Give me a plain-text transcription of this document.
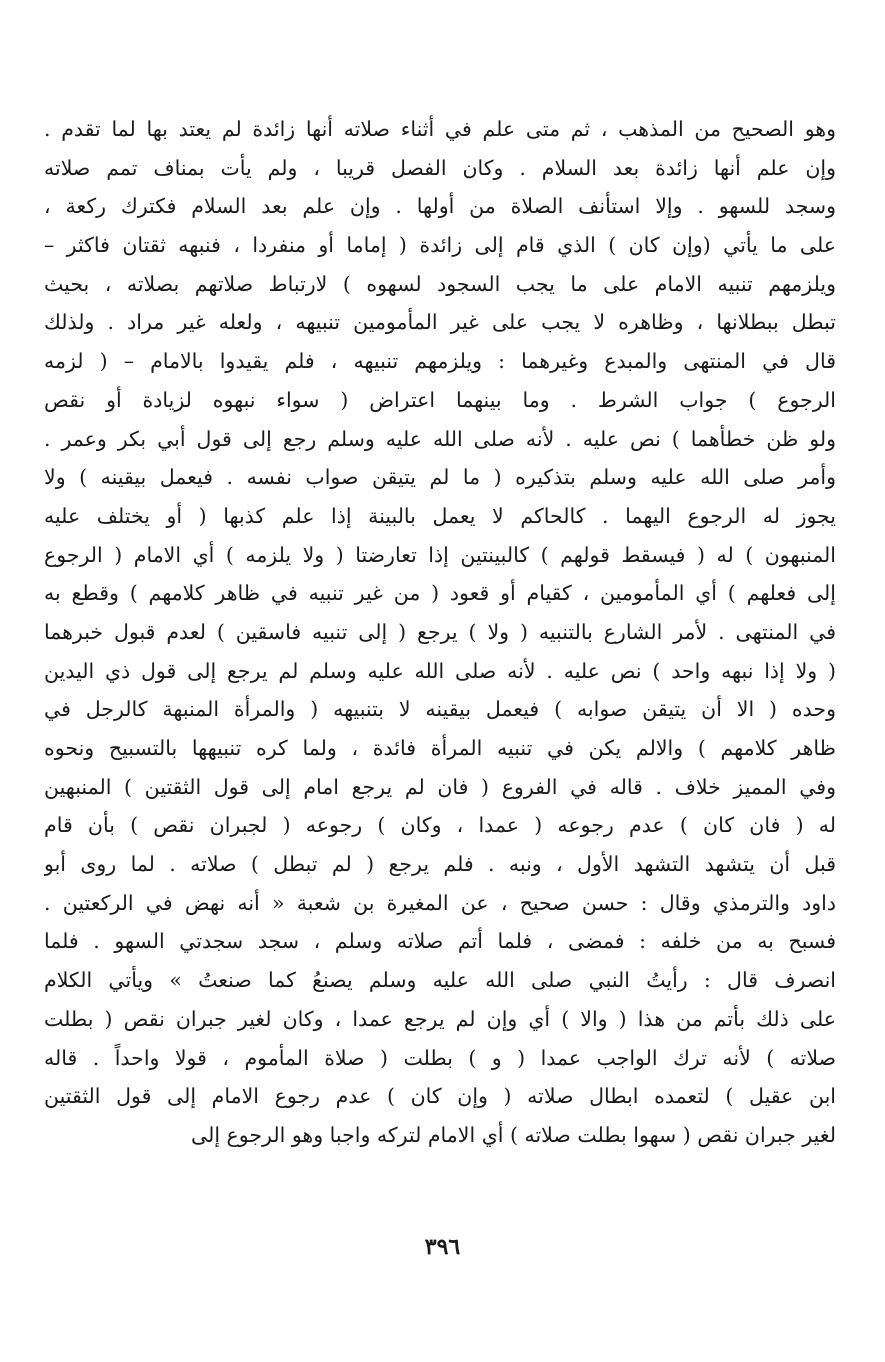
وهو الصحيح من المذهب ، ثم متى علم في أثناء صلاته أنها زائدة لم يعتد بها لما تقدم .
وإن علم أنها زائدة بعد السلام . وكان الفصل قريبا ، ولم يأت بمناف تمم صلاته
وسجد للسهو . وإلا استأنف الصلاة من أولها . وإن علم بعد السلام فكترك ركعة ،
على ما يأتي (وإن كان ) الذي قام إلى زائدة ( إماما أو منفردا ، فنبهه ثقتان فاكثر –
ويلزمهم تنبيه الامام على ما يجب السجود لسهوه ) لارتباط صلاتهم بصلاته ، بحيث
تبطل ببطلانها ، وظاهره لا يجب على غير المأمومين تنبيهه ، ولعله غير مراد . ولذلك
قال في المنتهى والمبدع وغيرهما : ويلزمهم تنبيهه ، فلم يقيدوا بالامام – ( لزمه
الرجوع ) جواب الشرط . وما بينهما اعتراض ( سواء نبهوه لزيادة أو نقص
ولو ظن خطأهما ) نص عليه . لأنه صلى الله عليه وسلم رجع إلى قول أبي بكر وعمر .
وأمر صلى الله عليه وسلم بتذكيره ( ما لم يتيقن صواب نفسه . فيعمل بيقينه ) ولا
يجوز له الرجوع اليهما . كالحاكم لا يعمل بالبينة إذا علم كذبها ( أو يختلف عليه
المنبهون ) له ( فيسقط قولهم ) كالبينتين إذا تعارضتا ( ولا يلزمه ) أي الامام ( الرجوع
إلى فعلهم ) أي المأمومين ، كقيام أو قعود ( من غير تنبيه في ظاهر كلامهم ) وقطع به
في المنتهى . لأمر الشارع بالتنبيه ( ولا ) يرجع ( إلى تنبيه فاسقين ) لعدم قبول خبرهما
( ولا إذا نبهه واحد ) نص عليه . لأنه صلى الله عليه وسلم لم يرجع إلى قول ذي اليدين
وحده ( الا أن يتيقن صوابه ) فيعمل بيقينه لا بتنبيهه ( والمرأة المنبهة كالرجل في
ظاهر كلامهم ) والالم يكن في تنبيه المرأة فائدة ، ولما كره تنبيهها بالتسبيح ونحوه
وفي المميز خلاف . قاله في الفروع ( فان لم يرجع امام إلى قول الثقتين ) المنبهين
له ( فان كان ) عدم رجوعه ( عمدا ، وكان ) رجوعه ( لجبران نقص ) بأن قام
قبل أن يتشهد التشهد الأول ، ونبه . فلم يرجع ( لم تبطل ) صلاته . لما روى أبو
داود والترمذي وقال : حسن صحيح ، عن المغيرة بن شعبة « أنه نهض في الركعتين .
فسبح به من خلفه : فمضى ، فلما أتم صلاته وسلم ، سجد سجدتي السهو . فلما
انصرف قال : رأيتُ النبي صلى الله عليه وسلم يصنعُ كما صنعتُ » ويأتي الكلام
على ذلك بأتم من هذا ( والا ) أي وإن لم يرجع عمدا ، وكان لغير جبران نقص ( بطلت
صلاته ) لأنه ترك الواجب عمدا ( و ) بطلت ( صلاة المأموم ، قولا واحداً . قاله
ابن عقيل ) لتعمده ابطال صلاته ( وإن كان ) عدم رجوع الامام إلى قول الثقتين
لغير جبران نقص ( سهوا بطلت صلاته ) أي الامام لتركه واجبا وهو الرجوع إلى
٣٩٦
